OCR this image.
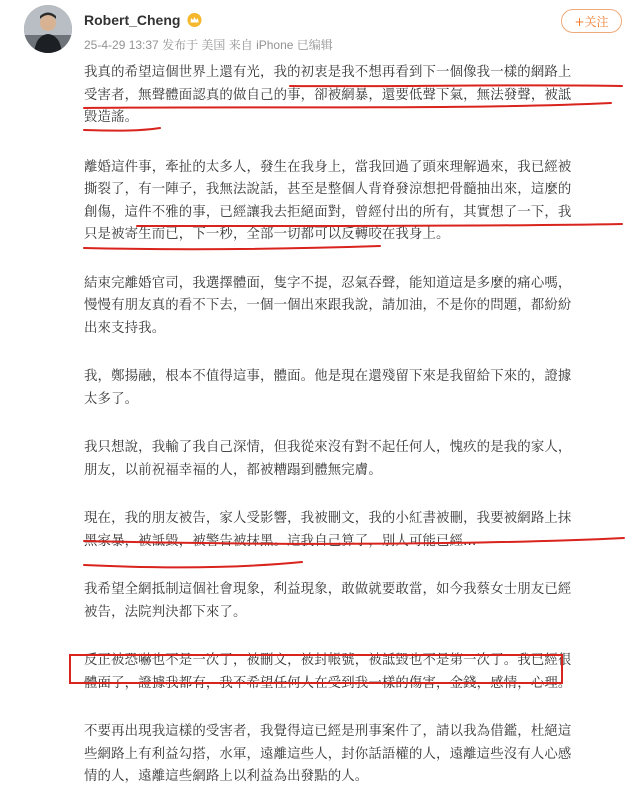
Robert_Cheng
25-4-29 13:37 发布于 美国 来自 iPhone 已编辑
+关注

我真的希望這個世界上還有光，我的初衷是我不想再看到下一個像我一樣的網路上
受害者，無聲體面認真的做自己的事，卻被網暴，還要低聲下氣，無法發聲，被詆
毀造謠。

離婚這件事，牽扯的太多人，發生在我身上，當我回過了頭來理解過來，我已經被
撕裂了，有一陣子，我無法說話，甚至是整個人背脊發涼想把骨髓抽出來，這麼的
創傷，這件不雅的事，已經讓我去拒絕面對，曾經付出的所有，其實想了一下，我
只是被寄生而已，下一秒，全部一切都可以反轉咬在我身上。

結束完離婚官司，我選擇體面，隻字不提，忍氣吞聲，能知道這是多麼的痛心嗎，
慢慢有朋友真的看不下去，一個一個出來跟我說，請加油，不是你的問題，都紛紛
出來支持我。

我，鄭揚融，根本不值得這事，體面。他是現在還殘留下來是我留給下來的，證據
太多了。

我只想說，我輸了我自己深情，但我從來沒有對不起任何人，愧疚的是我的家人，
朋友，以前祝福幸福的人，都被糟蹋到體無完膚。

現在，我的朋友被告，家人受影響，我被刪文，我的小紅書被刪，我要被網路上抹
黑家暴，被詆毀，被警告被抹黑。這我自己算了，別人可能已經...

我希望全網抵制這個社會現象，利益現象，敢做就要敢當，如今我蔡女士朋友已經
被告，法院判決都下來了。

反正被恐嚇也不是一次了，被刪文，被封帳號，被詆毀也不是第一次了。我已經很
體面了，證據我都有，我不希望任何人在受到我一樣的傷害，金錢，感情，心理。

不要再出現我這樣的受害者，我覺得這已經是刑事案件了，請以我為借鑑，杜絕這
些網路上有利益勾搭，水軍，遠離這些人，封你話語權的人，遠離這些沒有人心感
情的人，遠離這些網路上以利益為出發點的人。
